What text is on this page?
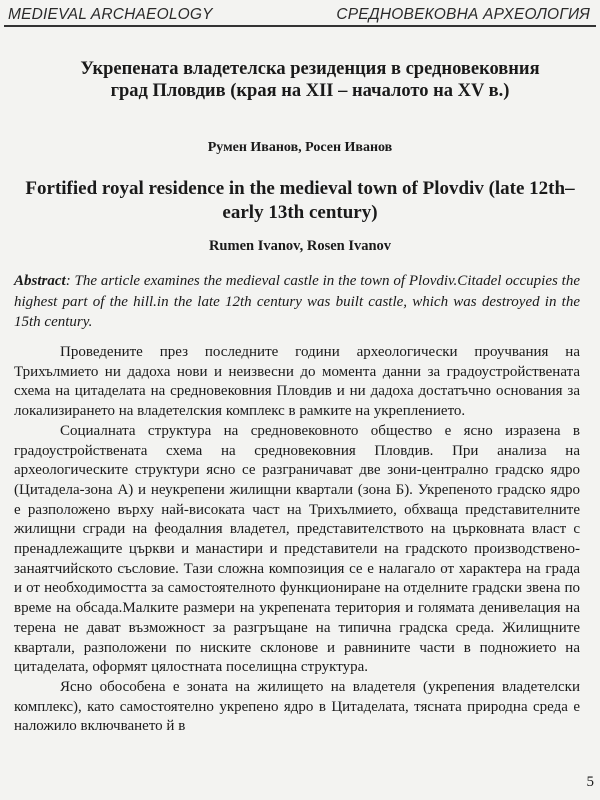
MEDIEVAL ARCHAEOLOGY	СРЕДНОВЕКОВНА АРХЕОЛОГИЯ
Укрепената владетелска резиденция в средновековния град Пловдив (края на XII – началото на XV в.)
Румен Иванов, Росен Иванов
Fortified royal residence in the medieval town of Plovdiv (late 12th– early 13th century)
Rumen Ivanov, Rosen Ivanov
Abstract: The article examines the medieval castle in the town of Plovdiv.Citadel occupies the highest part of the hill.in the late 12th century was built castle, which was destroyed in the 15th century.

Проведените през последните години археологически проучвания на Трихълмието ни дадоха нови и неизвесни до момента данни за градоустройствената схема на цитаделата на средновековния Пловдив и ни дадоха достатъчно основания за локализирането на владетелския комплекс в рамките на укреплението.

Социалната структура на средновековното общество е ясно изразена в градоустройствената схема на средновековния Пловдив. При анализа на археологическите структури ясно се разграничават две зони-централно градско ядро (Цитадела-зона А) и неукрепени жилищни квартали (зона Б). Укрепеното градско ядро е разположено върху най-високата част на Трихълмието, обхваща представителните жилищни сгради на феодалния владетел, представителството на църковната власт с пренадлежащите църкви и манастири и представители на градското производствено-занаятчийското съсловие. Тази сложна композиция се е налагало от характера на града и от необходимостта за самостоятелното функциониране на отделните градски звена по време на обсада.Малките размери на укрепената територия и голямата денивелация на терена не дават възможност за разгръщане на типична градска среда. Жилищните квартали, разположени по ниските склонове и равнините части в подножието на цитаделата, оформят цялостната поселищна структура.

Ясно обособена е зоната на жилището на владетеля (укрепения владетелски комплекс), като самостоятелно укрепено ядро в Цитаделата, тясната природна среда е наложило включването й в

5
